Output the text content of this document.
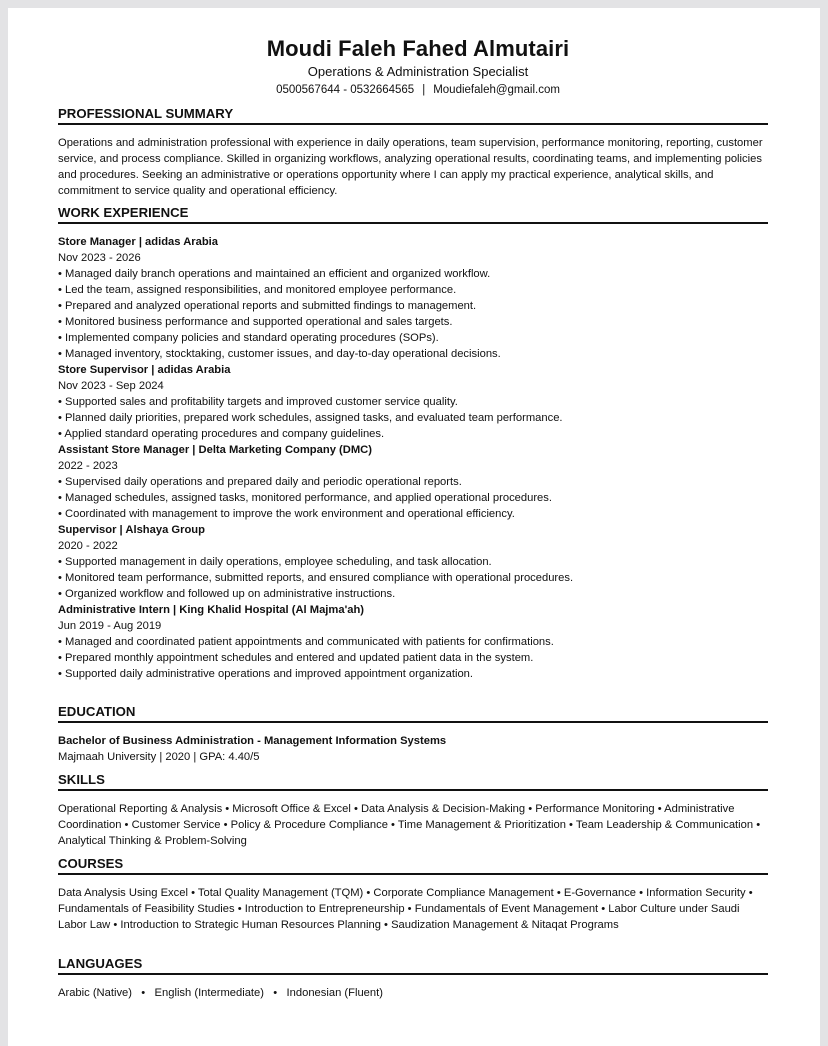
Moudi Faleh Fahed Almutairi
Operations & Administration Specialist
0500567644 - 0532664565 | Moudiefaleh@gmail.com
PROFESSIONAL SUMMARY
Operations and administration professional with experience in daily operations, team supervision, performance monitoring, reporting, customer service, and process compliance. Skilled in organizing workflows, analyzing operational results, coordinating teams, and implementing policies and procedures. Seeking an administrative or operations opportunity where I can apply my practical experience, analytical skills, and commitment to service quality and operational efficiency.
WORK EXPERIENCE
Store Manager | adidas Arabia
Nov 2023 - 2026
• Managed daily branch operations and maintained an efficient and organized workflow.
• Led the team, assigned responsibilities, and monitored employee performance.
• Prepared and analyzed operational reports and submitted findings to management.
• Monitored business performance and supported operational and sales targets.
• Implemented company policies and standard operating procedures (SOPs).
• Managed inventory, stocktaking, customer issues, and day-to-day operational decisions.
Store Supervisor | adidas Arabia
Nov 2023 - Sep 2024
• Supported sales and profitability targets and improved customer service quality.
• Planned daily priorities, prepared work schedules, assigned tasks, and evaluated team performance.
• Applied standard operating procedures and company guidelines.
Assistant Store Manager | Delta Marketing Company (DMC)
2022 - 2023
• Supervised daily operations and prepared daily and periodic operational reports.
• Managed schedules, assigned tasks, monitored performance, and applied operational procedures.
• Coordinated with management to improve the work environment and operational efficiency.
Supervisor | Alshaya Group
2020 - 2022
• Supported management in daily operations, employee scheduling, and task allocation.
• Monitored team performance, submitted reports, and ensured compliance with operational procedures.
• Organized workflow and followed up on administrative instructions.
Administrative Intern | King Khalid Hospital (Al Majma'ah)
Jun 2019 - Aug 2019
• Managed and coordinated patient appointments and communicated with patients for confirmations.
• Prepared monthly appointment schedules and entered and updated patient data in the system.
• Supported daily administrative operations and improved appointment organization.
EDUCATION
Bachelor of Business Administration - Management Information Systems
Majmaah University | 2020 | GPA: 4.40/5
SKILLS
Operational Reporting & Analysis • Microsoft Office & Excel • Data Analysis & Decision-Making • Performance Monitoring • Administrative Coordination • Customer Service • Policy & Procedure Compliance • Time Management & Prioritization • Team Leadership & Communication • Analytical Thinking & Problem-Solving
COURSES
Data Analysis Using Excel • Total Quality Management (TQM) • Corporate Compliance Management • E-Governance • Information Security • Fundamentals of Feasibility Studies • Introduction to Entrepreneurship • Fundamentals of Event Management • Labor Culture under Saudi Labor Law • Introduction to Strategic Human Resources Planning • Saudization Management & Nitaqat Programs
LANGUAGES
Arabic (Native)   •   English (Intermediate)   •   Indonesian (Fluent)
